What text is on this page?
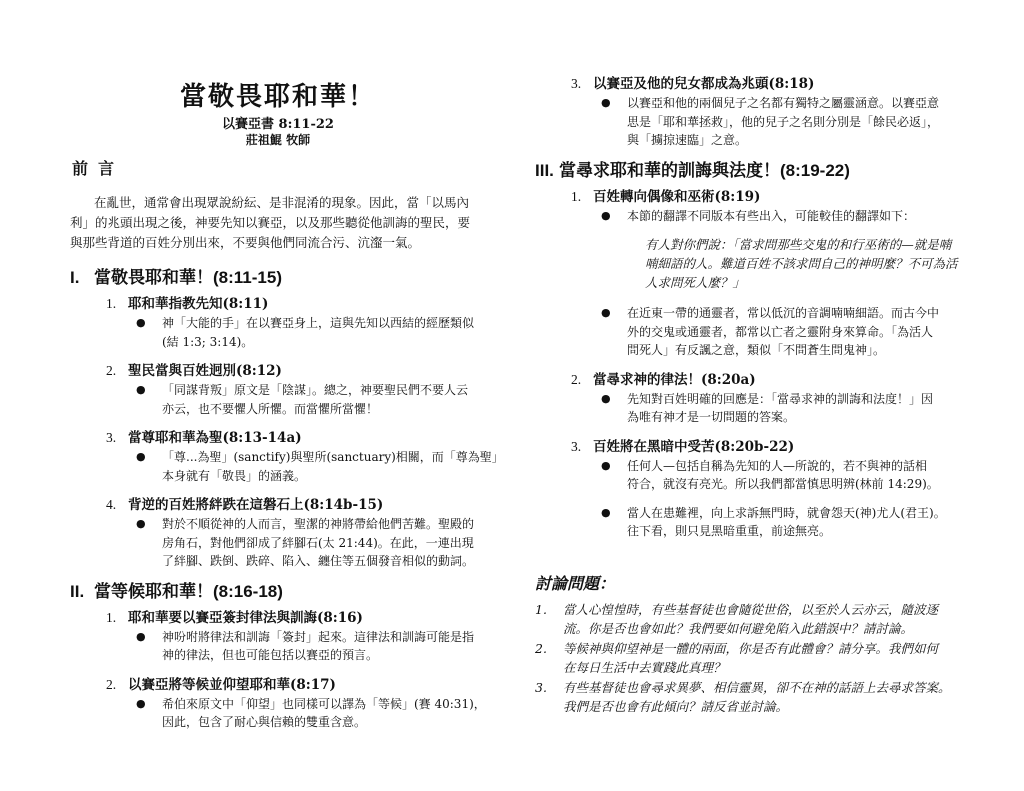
當敬畏耶和華！
以賽亞書 8:11-22
莊祖鯤 牧師
前言
在亂世，通常會出現眾說紛紜、是非混淆的現象。因此，當「以馬內
利」的兆頭出現之後，神要先知以賽亞，以及那些聽從他訓誨的聖民，要
與那些背道的百姓分別出來，不要與他們同流合污、沆瀣一氣。
I. 當敬畏耶和華！(8:11-15)
1. 耶和華指教先知(8:11)
● 神「大能的手」在以賽亞身上，這與先知以西結的經歷類似
(結 1:3; 3:14)。
2. 聖民當與百姓迥別(8:12)
● 「同謀背叛」原文是「陰謀」。總之，神要聖民們不要人云
亦云，也不要懼人所懼。而當懼所當懼！
3. 當尊耶和華為聖(8:13-14a)
● 「尊...為聖」(sanctify)與聖所(sanctuary)相關，而「尊為聖」
本身就有「敬畏」的涵義。
4. 背逆的百姓將絆跌在這磐石上(8:14b-15)
● 對於不順從神的人而言，聖潔的神將帶給他們苦難。聖殿的
房角石，對他們卻成了絆腳石(太 21:44)。在此，一連出現
了絆腳、跌倒、跌碎、陷入、纏住等五個發音相似的動詞。
II. 當等候耶和華！(8:16-18)
1. 耶和華要以賽亞簽封律法與訓誨(8:16)
● 神吩咐將律法和訓誨「簽封」起來。這律法和訓誨可能是指
神的律法，但也可能包括以賽亞的預言。
2. 以賽亞將等候並仰望耶和華(8:17)
● 希伯來原文中「仰望」也同樣可以譯為「等候」(賽 40:31)，
因此，包含了耐心與信賴的雙重含意。
3. 以賽亞及他的兒女都成為兆頭(8:18)
● 以賽亞和他的兩個兒子之名都有獨特之屬靈涵意。以賽亞意
思是「耶和華拯救」，他的兒子之名則分別是「餘民必返」，
與「擄掠速臨」之意。
III. 當尋求耶和華的訓誨與法度！(8:19-22)
1. 百姓轉向偶像和巫術(8:19)
● 本節的翻譯不同版本有些出入，可能較佳的翻譯如下：
有人對你們說：「當求問那些交鬼的和行巫術的—就是喃
喃細語的人。難道百姓不該求問自己的神明麼？不可為活
人求問死人麼？」
● 在近東一帶的通靈者，常以低沉的音調喃喃細語。而古今中
外的交鬼或通靈者，都常以亡者之靈附身來算命。「為活人
問死人」有反諷之意，類似「不問蒼生問鬼神」。
2. 當尋求神的律法！(8:20a)
● 先知對百姓明確的回應是：「當尋求神的訓誨和法度！」因
為唯有神才是一切問題的答案。
3. 百姓將在黑暗中受苦(8:20b-22)
● 任何人—包括自稱為先知的人—所說的，若不與神的話相
符合，就沒有亮光。所以我們都當慎思明辨(林前 14:29)。
● 當人在患難裡，向上求訴無門時，就會怨天(神)尤人(君王)。
往下看，則只見黑暗重重，前途無亮。
討論問題：
1. 當人心惶惶時，有些基督徒也會隨從世俗，以至於人云亦云，隨波逐
流。你是否也會如此？我們要如何避免陷入此錯誤中？請討論。
2. 等候神與仰望神是一體的兩面，你是否有此體會？請分享。我們如何
在每日生活中去實踐此真理？
3. 有些基督徒也會尋求異夢、相信靈異，卻不在神的話語上去尋求答案。
我們是否也會有此傾向？請反省並討論。
